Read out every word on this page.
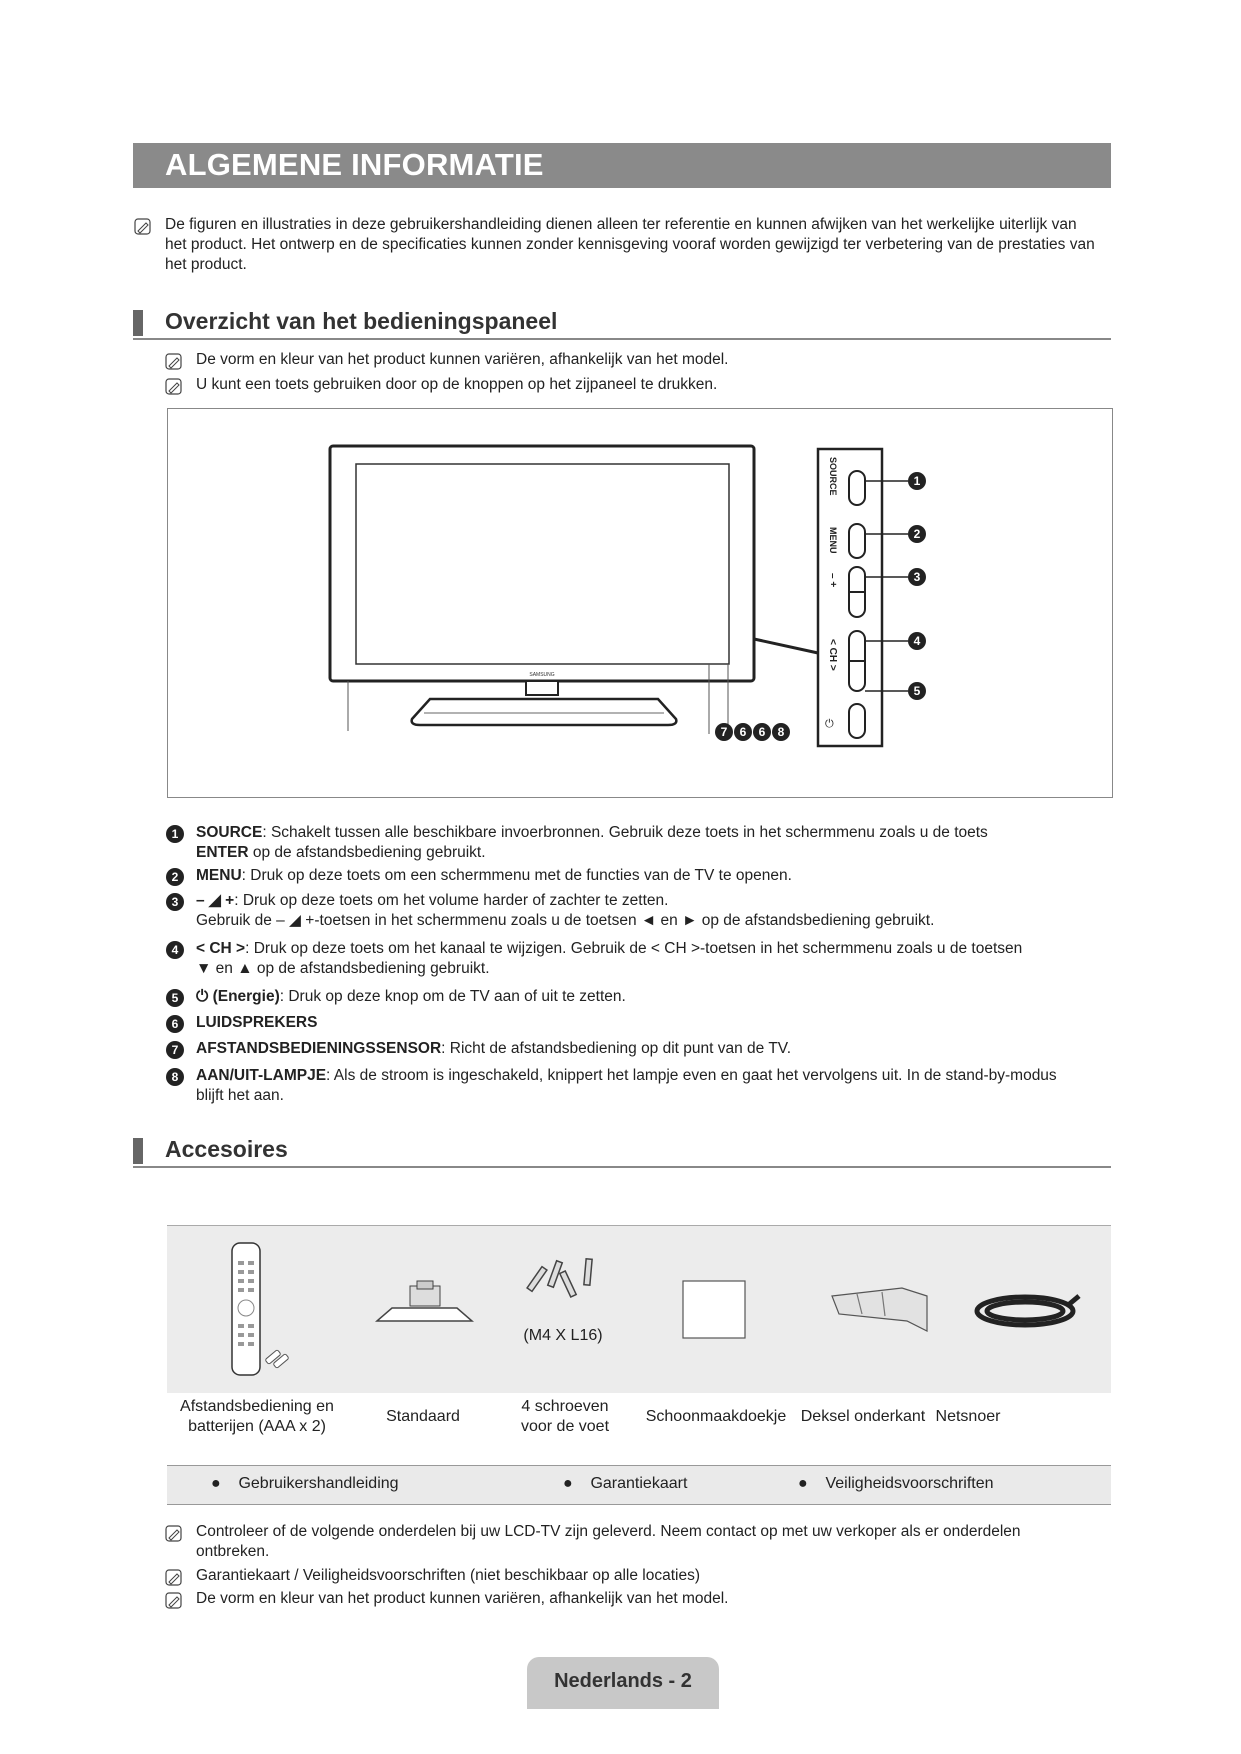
ALGEMENE INFORMATIE
De figuren en illustraties in deze gebruikershandleiding dienen alleen ter referentie en kunnen afwijken van het werkelijke uiterlijk van het product. Het ontwerp en de specificaties kunnen zonder kennisgeving vooraf worden gewijzigd ter verbetering van de prestaties van het product.
Overzicht van het bedieningspaneel
De vorm en kleur van het product kunnen variëren, afhankelijk van het model.
U kunt een toets gebruiken door op de knoppen op het zijpaneel te drukken.
SAMSUNG
SOURCE
MENU
– +
< CH >
⏻
1
2
3
4
5
7 6 6 8
1	SOURCE: Schakelt tussen alle beschikbare invoerbronnen. Gebruik deze toets in het schermmenu zoals u de toets
ENTER op de afstandsbediening gebruikt.
2	MENU: Druk op deze toets om een schermmenu met de functies van de TV te openen.
3	– ◢ +: Druk op deze toets om het volume harder of zachter te zetten.
Gebruik de – ◢ +-toetsen in het schermmenu zoals u de toetsen ◄ en ► op de afstandsbediening gebruikt.
4	< CH >: Druk op deze toets om het kanaal te wijzigen. Gebruik de < CH >-toetsen in het schermmenu zoals u de toetsen
▼ en ▲ op de afstandsbediening gebruikt.
5	⏻ (Energie): Druk op deze knop om de TV aan of uit te zetten.
6	LUIDSPREKERS
7	AFSTANDSBEDIENINGSSENSOR: Richt de afstandsbediening op dit punt van de TV.
8	AAN/UIT-LAMPJE: Als de stroom is ingeschakeld, knippert het lampje even en gaat het vervolgens uit. In de stand-by-modus
blijft het aan.
Accesoires
(M4 X L16)
Afstandsbediening en
batterijen (AAA x 2)
Standaard
4 schroeven
voor de voet
Schoonmaakdoekje Deksel onderkant Netsnoer
●    Gebruikershandleiding	●    Garantiekaart	●    Veiligheidsvoorschriften
Controleer of de volgende onderdelen bij uw LCD-TV zijn geleverd. Neem contact op met uw verkoper als er onderdelen
ontbreken.
Garantiekaart / Veiligheidsvoorschriften (niet beschikbaar op alle locaties)
De vorm en kleur van het product kunnen variëren, afhankelijk van het model.
Nederlands - 2
